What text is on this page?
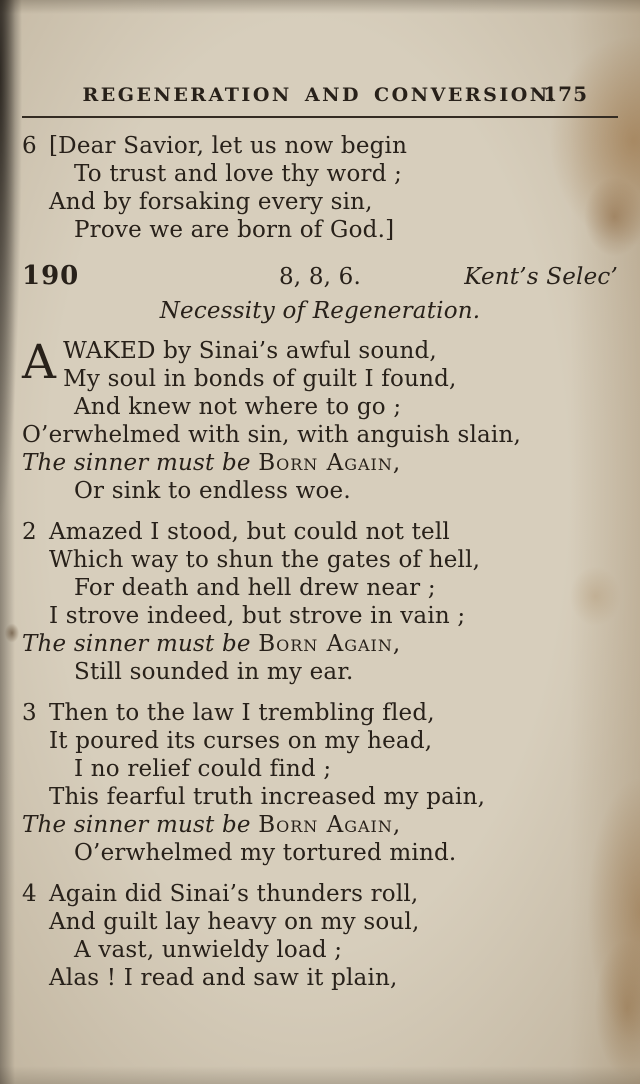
REGENERATION AND CONVERSION.
175
6 [Dear Savior, let us now begin
To trust and love thy word ;
And by forsaking every sin,
Prove we are born of God.]
190	8, 8, 6.	Kent’s Selec’
Necessity of Regeneration.
A WAKED by Sinai’s awful sound,
My soul in bonds of guilt I found,
And knew not where to go ;
O’erwhelmed with sin, with anguish slain,
The sinner must be Born Again,
Or sink to endless woe.
2 Amazed I stood, but could not tell
Which way to shun the gates of hell,
For death and hell drew near ;
I strove indeed, but strove in vain ;
The sinner must be Born Again,
Still sounded in my ear.
3 Then to the law I trembling fled,
It poured its curses on my head,
I no relief could find ;
This fearful truth increased my pain,
The sinner must be Born Again,
O’erwhelmed my tortured mind.
4 Again did Sinai’s thunders roll,
And guilt lay heavy on my soul,
A vast, unwieldy load ;
Alas ! I read and saw it plain,
